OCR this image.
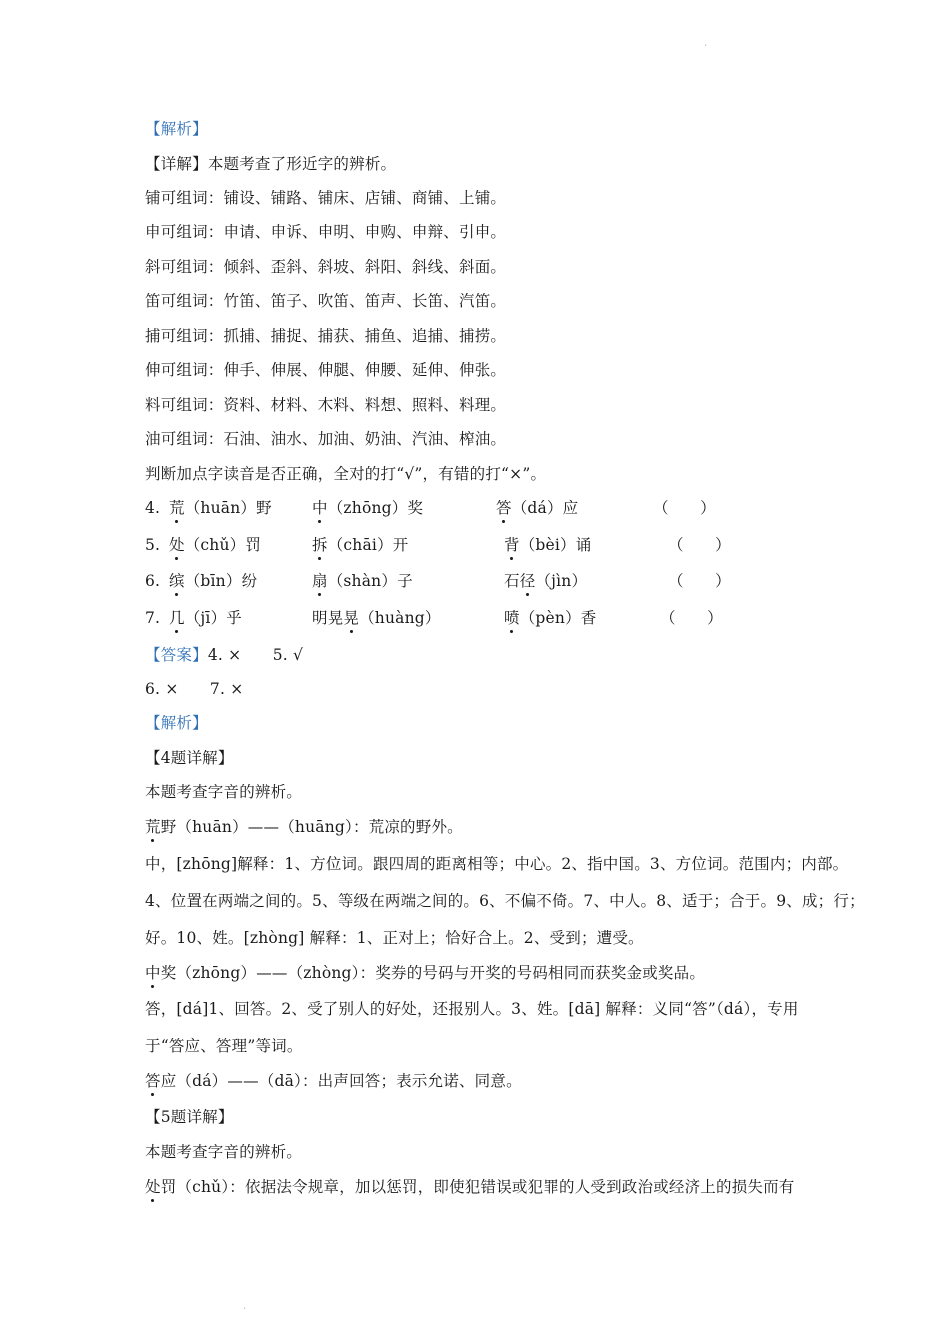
ˌ
【解析】
【详解】本题考查了形近字的辨析。
铺可组词：铺设、铺路、铺床、店铺、商铺、上铺。
申可组词：申请、申诉、申明、申购、申辩、引申。
斜可组词：倾斜、歪斜、斜坡、斜阳、斜线、斜面。
笛可组词：竹笛、笛子、吹笛、笛声、长笛、汽笛。
捕可组词：抓捕、捕捉、捕获、捕鱼、追捕、捕捞。
伸可组词：伸手、伸展、伸腿、伸腰、延伸、伸张。
料可组词：资料、材料、木料、料想、照料、料理。
油可组词：石油、油水、加油、奶油、汽油、榨油。
判断加点字读音是否正确，全对的打“√”，有错的打“×”。
4. 荒（huān）野	中（zhōng）奖	答（dá）应	（　　）
5. 处（chǔ）罚	拆（chāi）开	背（bèi）诵	（　　）
6. 缤（bīn）纷	扇（shàn）子	石径（jìn）	（　　）
7. 几（jī）乎	明晃晃（huàng）	喷（pèn）香	（　　）
【答案】4. ×　　5. √
6. ×　　7. ×
【解析】
【4题详解】
本题考查字音的辨析。
荒野（huān）——（huāng）：荒凉的野外。
中，[zhōng]解释：1、方位词。跟四周的距离相等；中心。2、指中国。3、方位词。范围内；内部。
4、位置在两端之间的。5、等级在两端之间的。6、不偏不倚。7、中人。8、适于；合于。9、成；行；
好。10、姓。[zhòng] 解释：1、正对上；恰好合上。2、受到；遭受。
中奖（zhōng）——（zhòng）：奖券的号码与开奖的号码相同而获奖金或奖品。
答，[dá]1、回答。2、受了别人的好处，还报别人。3、姓。[dā] 解释：义同“答”（dá），专用
于“答应、答理”等词。
答应（dá）——（dā）：出声回答；表示允诺、同意。
【5题详解】
本题考查字音的辨析。
处罚（chǔ）：依据法令规章，加以惩罚，即使犯错误或犯罪的人受到政治或经济上的损失而有
ˌ
